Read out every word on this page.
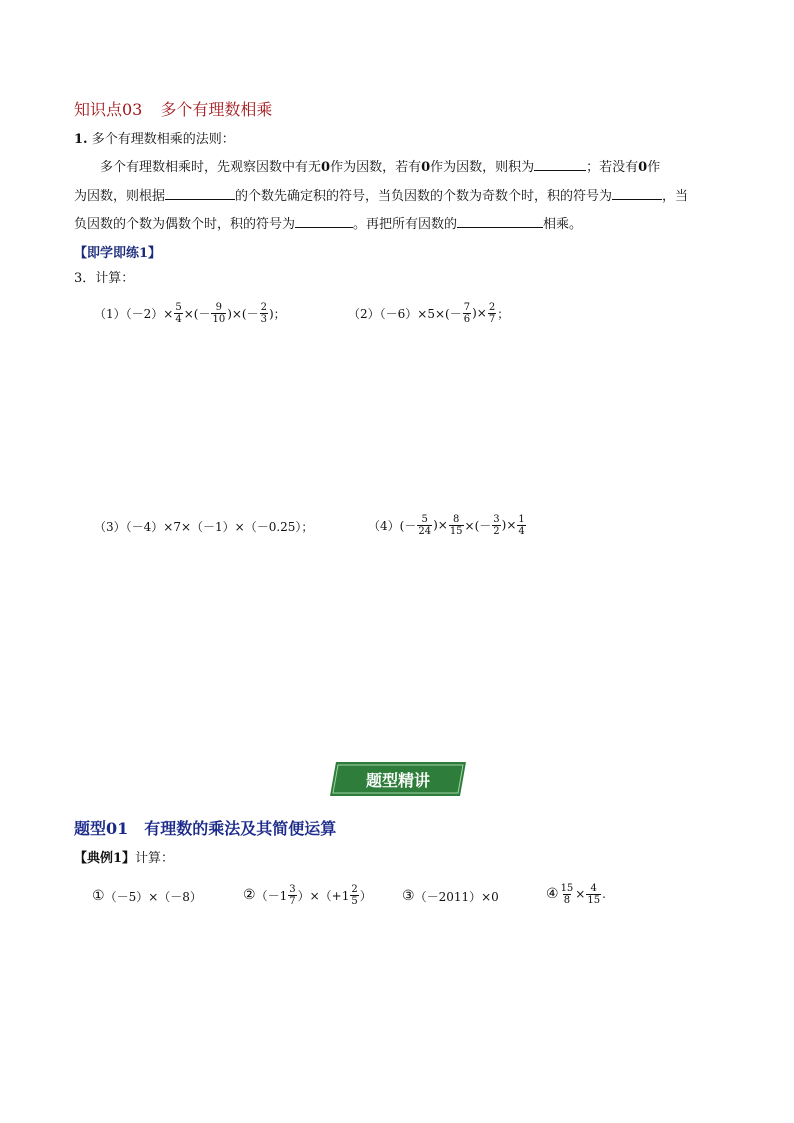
知识点03 多个有理数相乘
1. 多个有理数相乘的法则：
多个有理数相乘时，先观察因数中有无0作为因数，若有0作为因数，则积为	；若没有0作
为因数，则根据	的个数先确定积的符号，当负因数的个数为奇数个时，积的符号为	，当
负因数的个数为偶数个时，积的符号为	。再把所有因数的	相乘。
【即学即练1】
3．计算：
$(1)(-2)\times \frac{5}{4}$ ×(－ $\frac{9}{10}$ )×(－ $\frac{2}{3}$ )；	$(2)(-6)\times 5\times(- \frac{7}{6}$ )× $\frac{2}{7}$ ；
（3）（－4）×7×（－1）×（－0.25）；	$(4)(- \frac{5}{24}$ )× $\frac{8}{15}$ ×(－ $\frac{3}{2}$ )× $\frac{1}{4}$
题型精讲
题型01 有理数的乘法及其简便运算
【典例1】计算：
① （－5）×（－8）	② $(-1 \frac{3}{7} )\times(+1 \frac{2}{5}$ ） ③ （－2011）×0	④ $\frac{15}{8} \times \frac{4}{15}$ .
